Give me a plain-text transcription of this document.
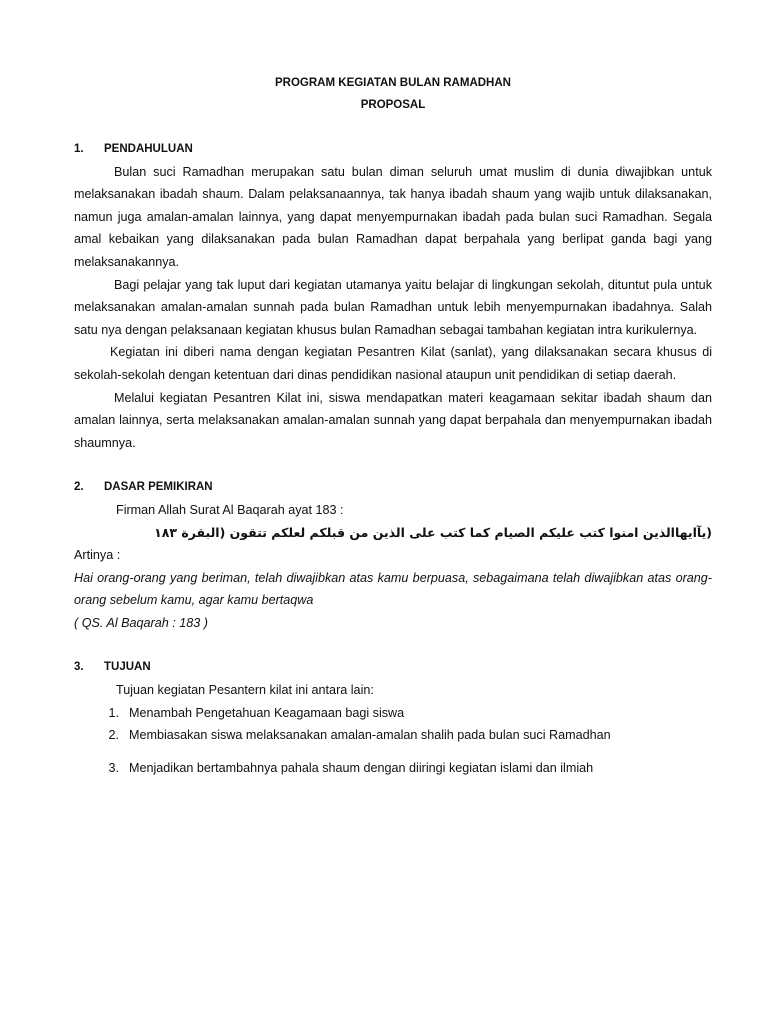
PROGRAM KEGIATAN BULAN RAMADHAN

PROPOSAL

1.	PENDAHULUAN

Bulan suci Ramadhan merupakan satu bulan diman seluruh umat muslim di dunia diwajibkan untuk melaksanakan ibadah shaum. Dalam pelaksanaannya, tak hanya ibadah shaum yang wajib untuk dilaksanakan, namun juga amalan-amalan lainnya, yang dapat menyempurnakan ibadah pada bulan suci Ramadhan. Segala amal kebaikan yang dilaksanakan pada bulan Ramadhan dapat berpahala yang berlipat ganda bagi yang melaksanakannya.

Bagi pelajar yang tak luput dari kegiatan utamanya yaitu belajar di lingkungan sekolah, dituntut pula untuk melaksanakan amalan-amalan sunnah pada bulan Ramadhan untuk lebih menyempurnakan ibadahnya. Salah satu nya dengan pelaksanaan kegiatan khusus bulan Ramadhan sebagai tambahan kegiatan intra kurikulernya.

Kegiatan ini diberi nama dengan kegiatan Pesantren Kilat (sanlat), yang dilaksanakan secara khusus di sekolah-sekolah dengan ketentuan dari dinas pendidikan nasional ataupun unit pendidikan di setiap daerah.

Melalui kegiatan Pesantren Kilat ini, siswa mendapatkan materi keagamaan sekitar ibadah shaum dan amalan lainnya, serta melaksanakan amalan-amalan sunnah yang dapat berpahala dan menyempurnakan ibadah shaumnya.

2.	DASAR PEMIKIRAN

Firman Allah Surat Al Baqarah ayat 183 :

(يآايهاالذين امنوا كتب عليكم الصيام كما كتب على الذين من قبلكم لعلكم تتقون (البقرة ١٨٣

Artinya :

Hai orang-orang yang beriman, telah diwajibkan atas kamu berpuasa, sebagaimana telah diwajibkan atas orang-orang sebelum kamu, agar kamu bertaqwa

( QS. Al Baqarah : 183 )

3.	TUJUAN

Tujuan kegiatan Pesantern kilat ini antara lain:

1. Menambah Pengetahuan Keagamaan bagi siswa
2. Membiasakan siswa melaksanakan amalan-amalan shalih pada bulan suci Ramadhan
3. Menjadikan bertambahnya pahala shaum dengan diiringi kegiatan islami dan ilmiah
